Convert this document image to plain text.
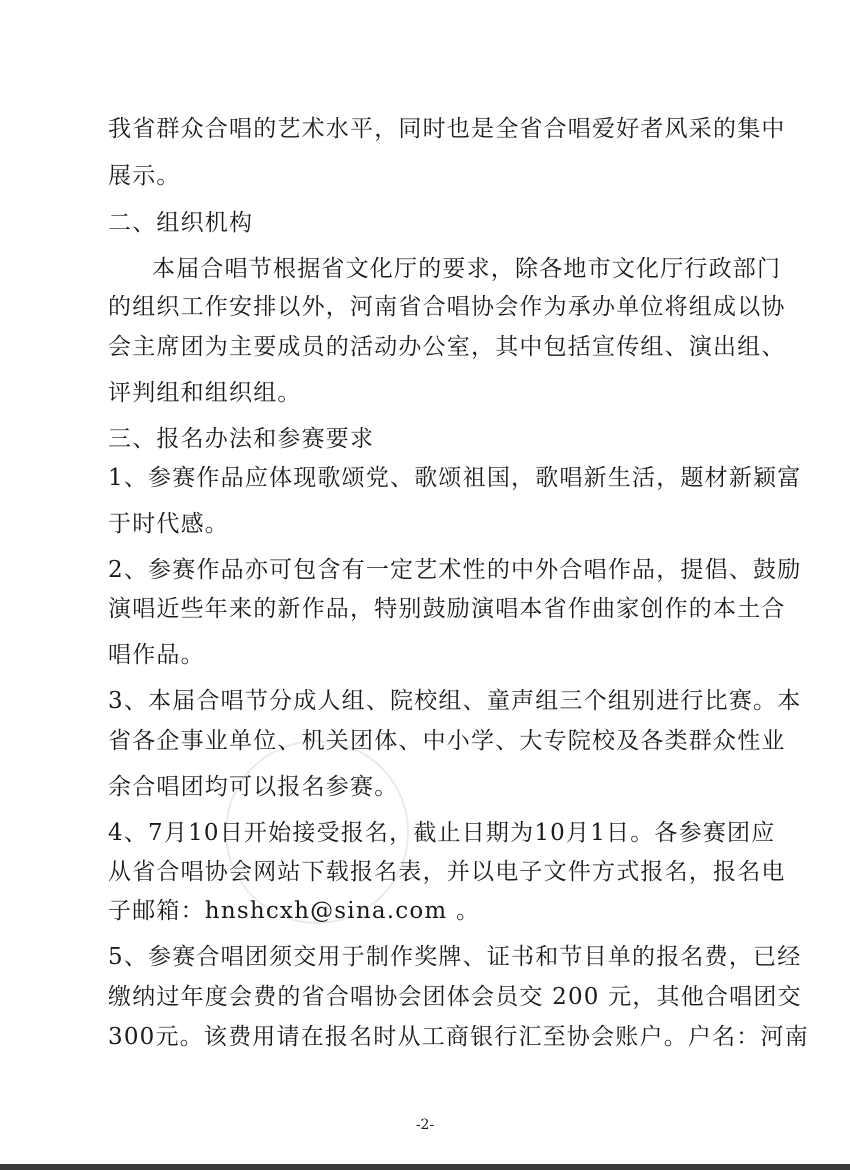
我省群众合唱的艺术水平，同时也是全省合唱爱好者风采的集中
展示。
二、组织机构
本届合唱节根据省文化厅的要求，除各地市文化厅行政部门
的组织工作安排以外，河南省合唱协会作为承办单位将组成以协
会主席团为主要成员的活动办公室，其中包括宣传组、演出组、
评判组和组织组。
三、报名办法和参赛要求
1、参赛作品应体现歌颂党、歌颂祖国，歌唱新生活，题材新颖富
于时代感。
2、参赛作品亦可包含有一定艺术性的中外合唱作品，提倡、鼓励
演唱近些年来的新作品，特别鼓励演唱本省作曲家创作的本土合
唱作品。
3、本届合唱节分成人组、院校组、童声组三个组别进行比赛。本
省各企事业单位、机关团体、中小学、大专院校及各类群众性业
余合唱团均可以报名参赛。
4、7月10日开始接受报名，截止日期为10月1日。各参赛团应
从省合唱协会网站下载报名表，并以电子文件方式报名，报名电
子邮箱：hnshcxh@sina.com 。
5、参赛合唱团须交用于制作奖牌、证书和节目单的报名费，已经
缴纳过年度会费的省合唱协会团体会员交 200 元，其他合唱团交
300元。该费用请在报名时从工商银行汇至协会账户。户名：河南
-2-
